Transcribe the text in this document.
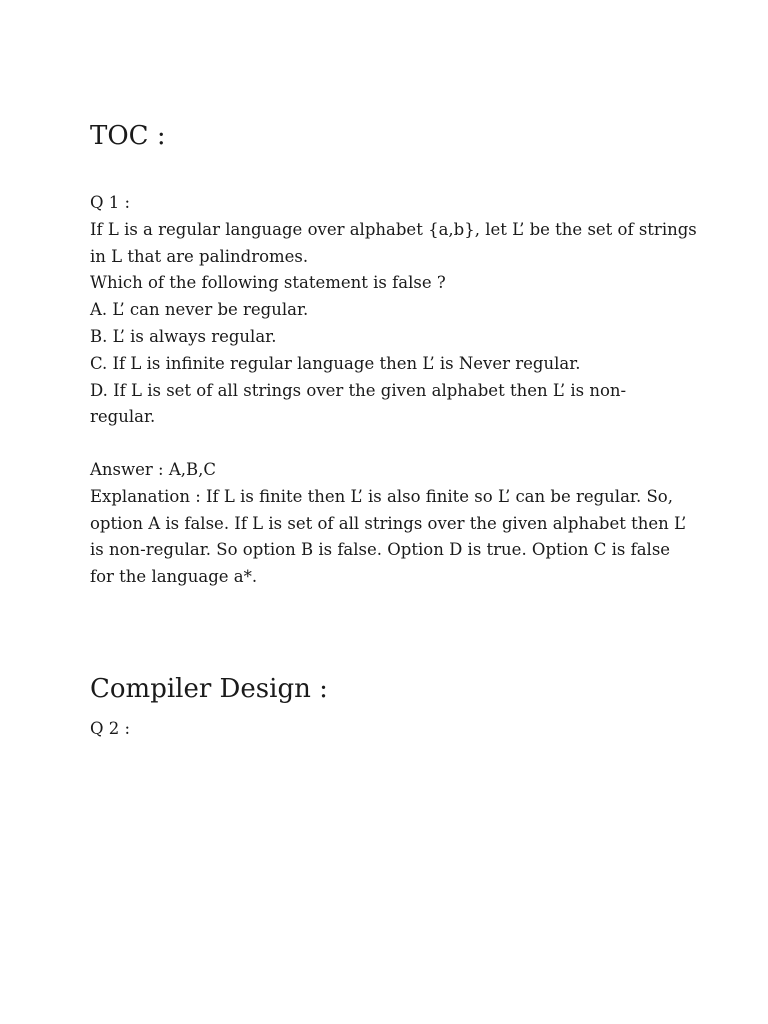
TOC :
Q 1 :
If L is a regular language over alphabet {a,b}, let L’ be the set of strings
in L that are palindromes.
Which of the following statement is false ?
A. L’ can never be regular.
B. L’ is always regular.
C. If L is infinite regular language then L’ is Never regular.
D. If L is set of all strings over the given alphabet then L’ is non-
regular.
Answer : A,B,C
Explanation : If L is finite then L’ is also finite so L’ can be regular. So,
option A is false. If L is set of all strings over the given alphabet then L’
is non-regular. So option B is false. Option D is true. Option C is false
for the language a*.
Compiler Design :
Q 2 :
